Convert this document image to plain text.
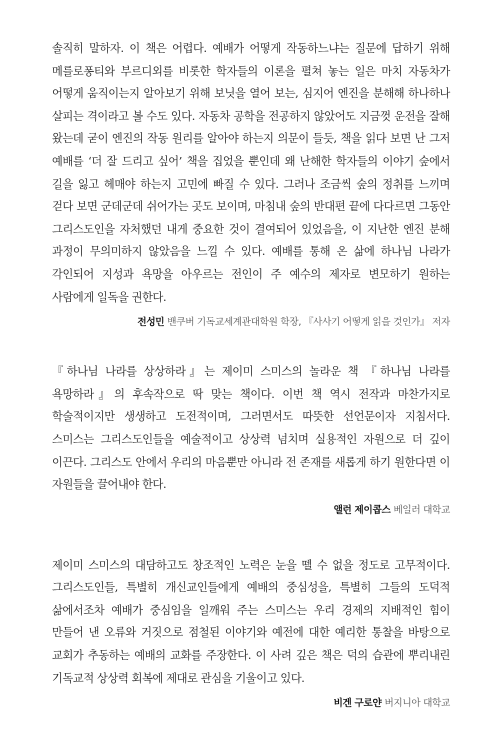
솔직히 말하자. 이 책은 어렵다. 예배가 어떻게 작동하느냐는 질문에 답하기 위해 메를로퐁티와 부르디외를 비롯한 학자들의 이론을 펼쳐 놓는 일은 마치 자동차가 어떻게 움직이는지 알아보기 위해 보닛을 열어 보는, 심지어 엔진을 분해해 하나하나 살피는 격이라고 볼 수도 있다. 자동차 공학을 전공하지 않았어도 지금껏 운전을 잘해 왔는데 굳이 엔진의 작동 원리를 알아야 하는지 의문이 들듯, 책을 읽다 보면 난 그저 예배를 ‘더 잘 드리고 싶어’ 책을 집었을 뿐인데 왜 난해한 학자들의 이야기 숲에서 길을 잃고 헤매야 하는지 고민에 빠질 수 있다. 그러나 조금씩 숲의 정취를 느끼며 걷다 보면 군데군데 쉬어가는 곳도 보이며, 마침내 숲의 반대편 끝에 다다르면 그동안 그리스도인을 자처했던 내게 중요한 것이 결여되어 있었음을, 이 지난한 엔진 분해 과정이 무의미하지 않았음을 느낄 수 있다. 예배를 통해 온 삶에 하나님 나라가 각인되어 지성과 욕망을 아우르는 전인이 주 예수의 제자로 변모하기 원하는 사람에게 일독을 권한다.

전성민 밴쿠버 기독교세계관대학원 학장, 『사사기 어떻게 읽을 것인가』 저자

『하나님 나라를 상상하라』는 제이미 스미스의 놀라운 책 『하나님 나라를 욕망하라』의 후속작으로 딱 맞는 책이다. 이번 책 역시 전작과 마찬가지로 학술적이지만 생생하고 도전적이며, 그러면서도 따뜻한 선언문이자 지침서다. 스미스는 그리스도인들을 예술적이고 상상력 넘치며 실용적인 자원으로 더 깊이 이끈다. 그리스도 안에서 우리의 마음뿐만 아니라 전 존재를 새롭게 하기 원한다면 이 자원들을 끌어내야 한다.

앨런 제이콥스 베일러 대학교

제이미 스미스의 대담하고도 창조적인 노력은 눈을 뗄 수 없을 정도로 고무적이다. 그리스도인들, 특별히 개신교인들에게 예배의 중심성을, 특별히 그들의 도덕적 삶에서조차 예배가 중심임을 일깨워 주는 스미스는 우리 경제의 지배적인 힘이 만들어 낸 오류와 거짓으로 점철된 이야기와 예전에 대한 예리한 통찰을 바탕으로 교회가 추동하는 예배의 교화를 주장한다. 이 사려 깊은 책은 덕의 습관에 뿌리내린 기독교적 상상력 회복에 제대로 관심을 기울이고 있다.

비겐 구로얀 버지니아 대학교
